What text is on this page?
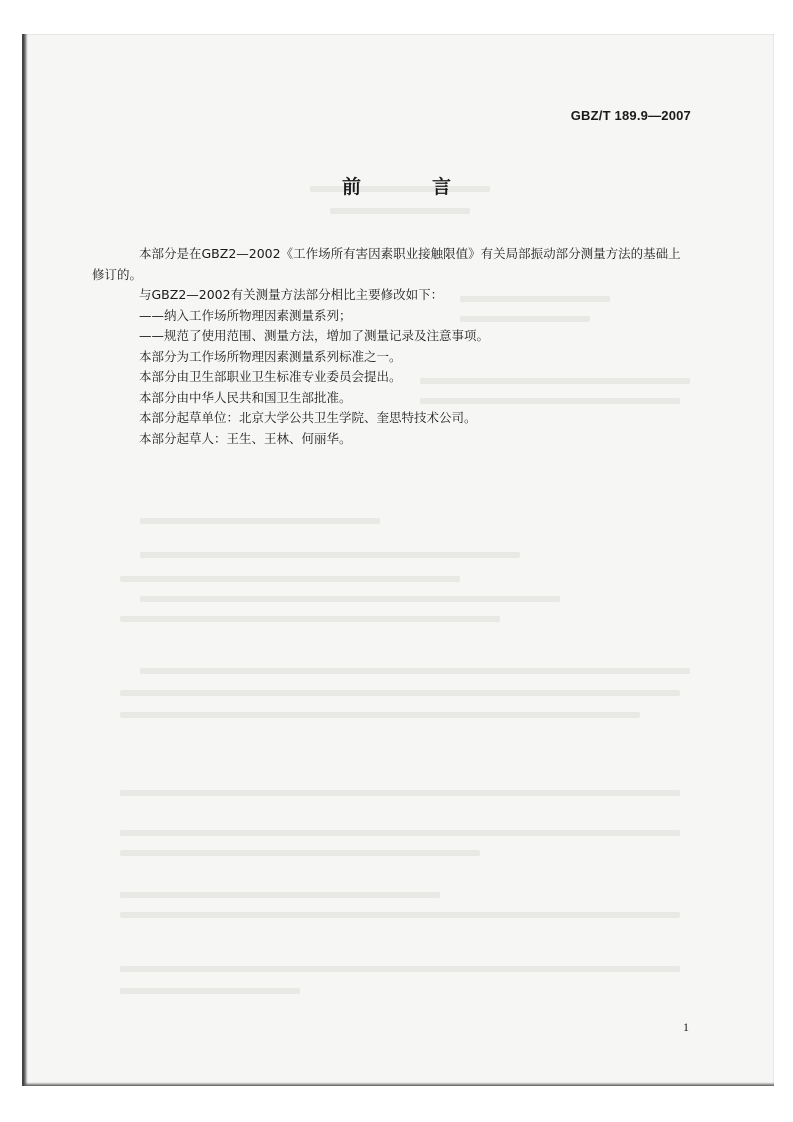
GBZ/T 189.9—2007
前　言

本部分是在GBZ2—2002《工作场所有害因素职业接触限值》有关局部振动部分测量方法的基础上

修订的。

与GBZ2—2002有关测量方法部分相比主要修改如下：

——纳入工作场所物理因素测量系列；

——规范了使用范围、测量方法，增加了测量记录及注意事项。

本部分为工作场所物理因素测量系列标准之一。

本部分由卫生部职业卫生标准专业委员会提出。

本部分由中华人民共和国卫生部批准。

本部分起草单位：北京大学公共卫生学院、奎思特技术公司。

本部分起草人：王生、王林、何丽华。

1
